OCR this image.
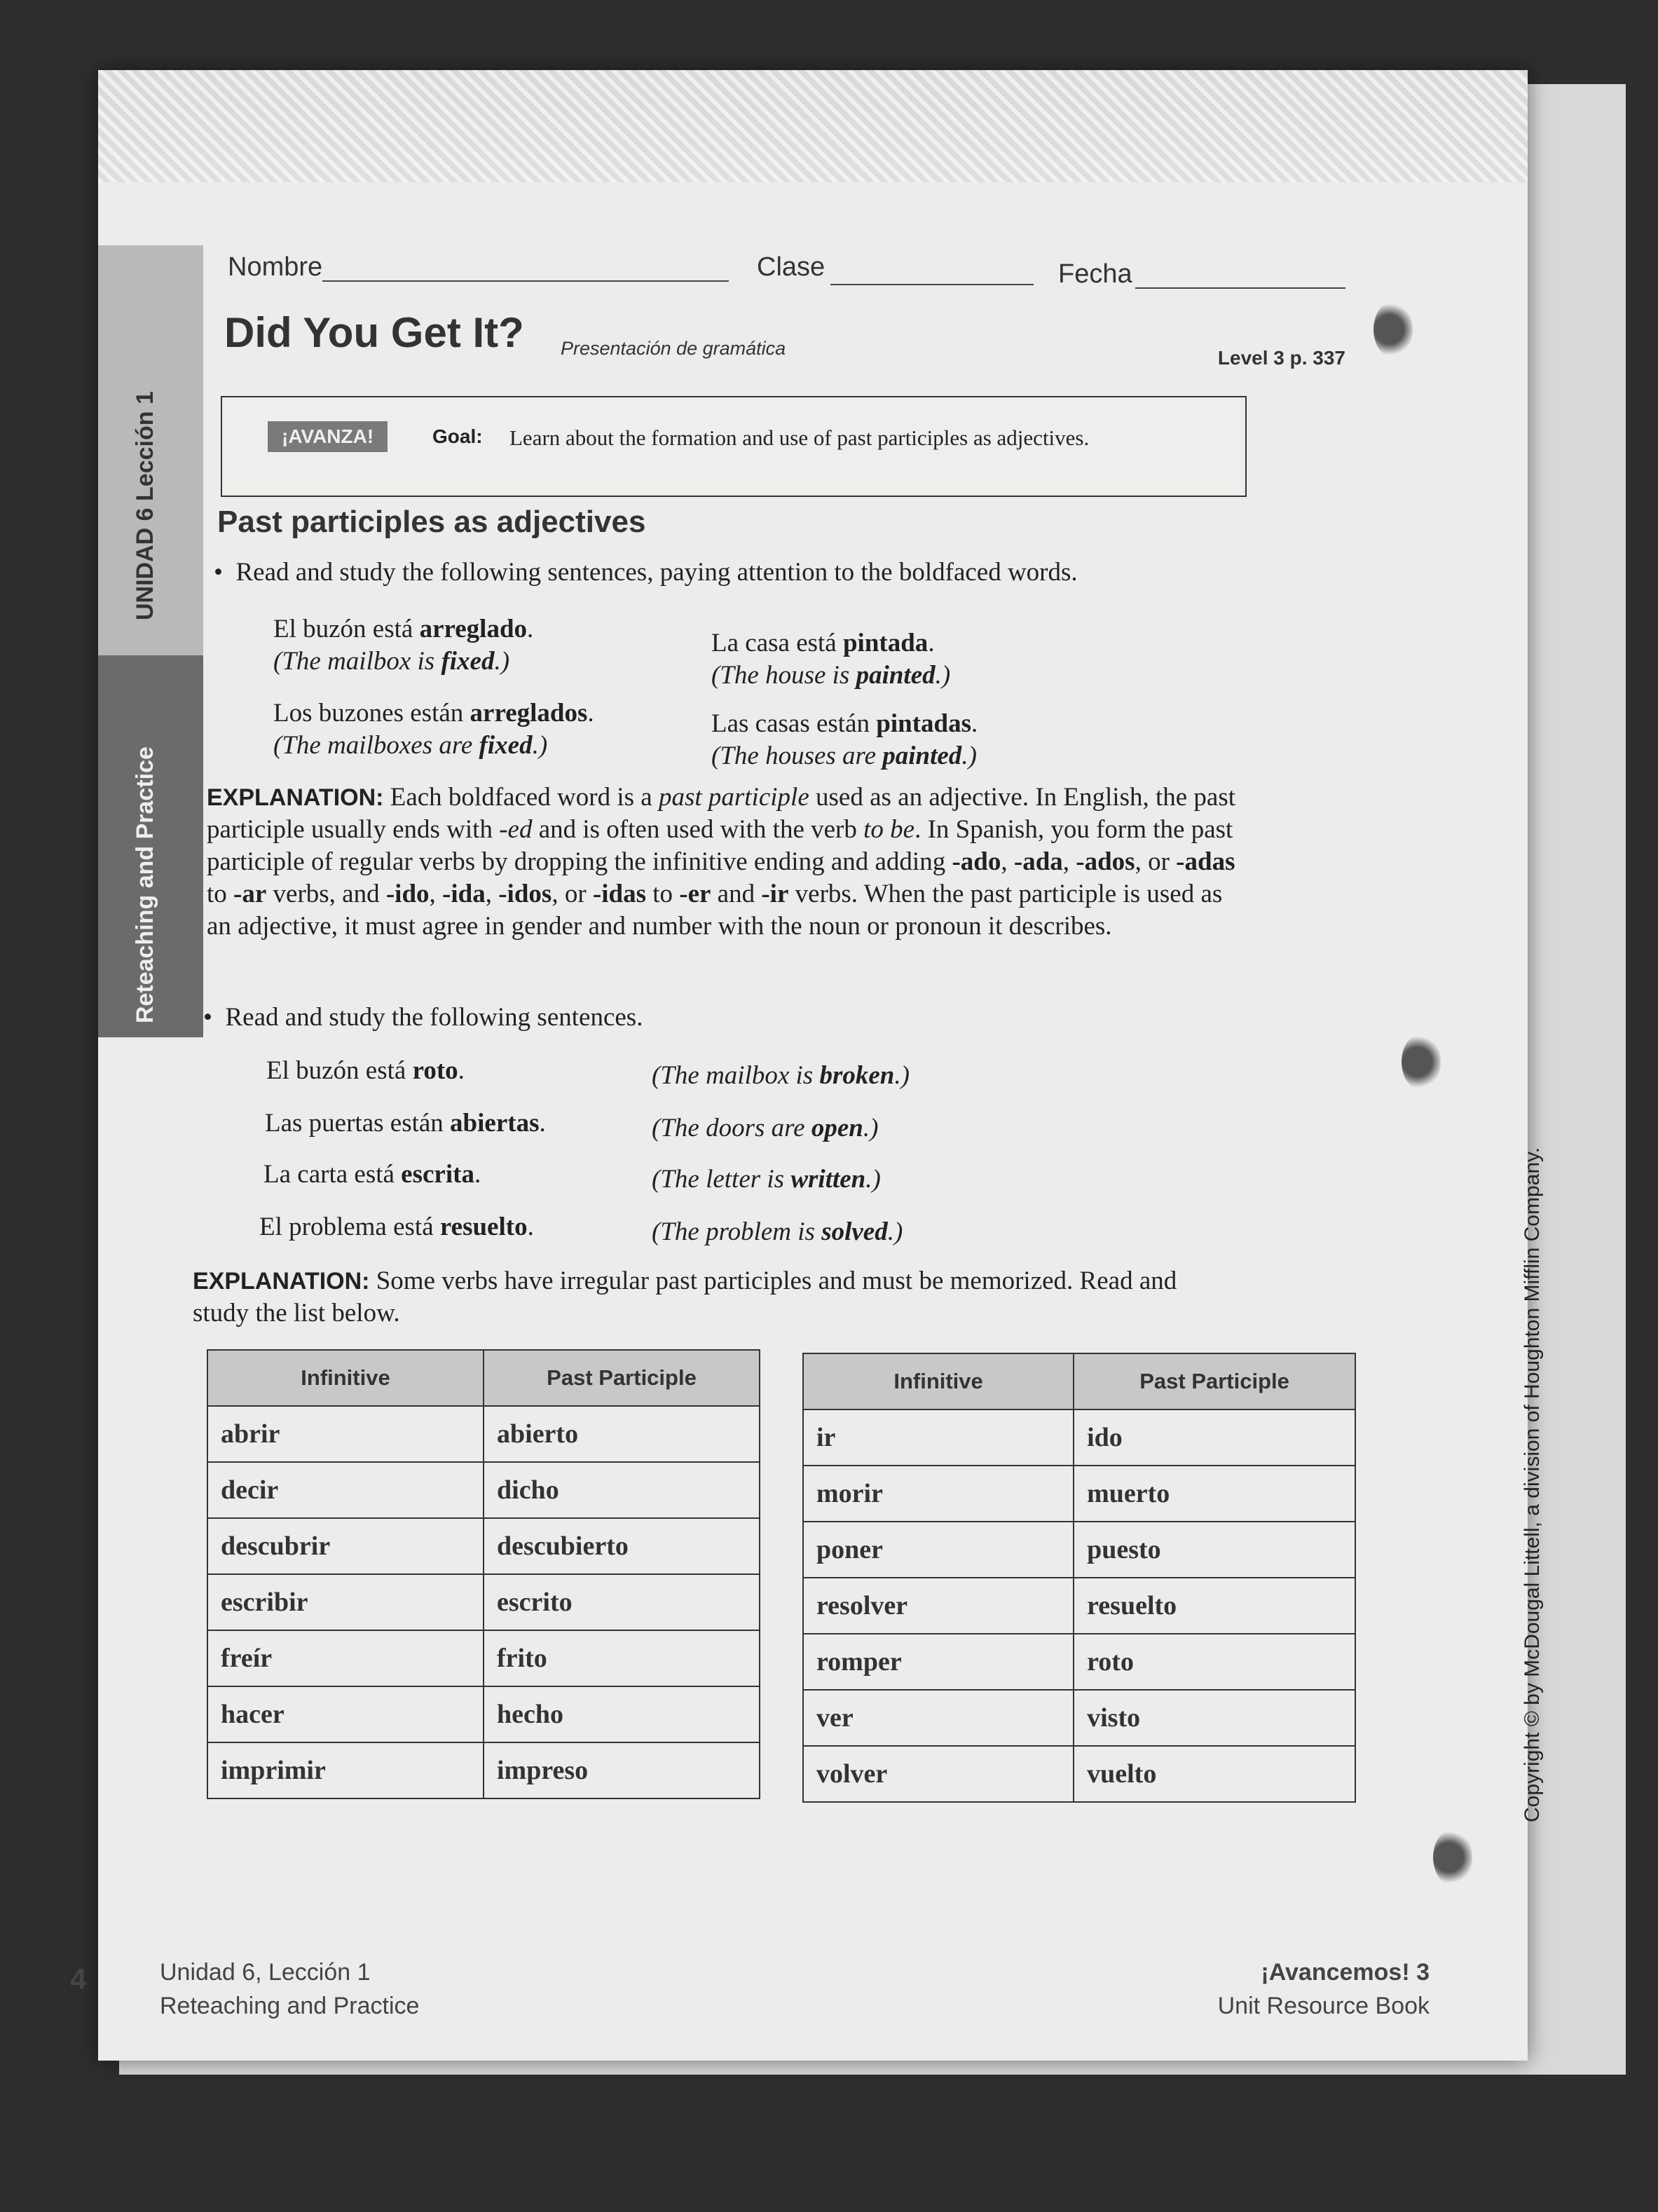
Nombre	Clase	Fecha
Did You Get It? Presentación de gramática	Level 3 p. 337
UNIDAD 6 Lección 1
Reteaching and Practice
¡AVANZA!	Goal: Learn about the formation and use of past participles as adjectives.
Past participles as adjectives
•  Read and study the following sentences, paying attention to the boldfaced words.
El buzón está arreglado.
(The mailbox is fixed.)
La casa está pintada.
(The house is painted.)
Los buzones están arreglados.
(The mailboxes are fixed.)
Las casas están pintadas.
(The houses are painted.)
EXPLANATION: Each boldfaced word is a past participle used as an adjective. In English, the past participle usually ends with -ed and is often used with the verb to be. In Spanish, you form the past participle of regular verbs by dropping the infinitive ending and adding -ado, -ada, -ados, or -adas to -ar verbs, and -ido, -ida, -idos, or -idas to -er and -ir verbs. When the past participle is used as an adjective, it must agree in gender and number with the noun or pronoun it describes.
•  Read and study the following sentences.
El buzón está roto.	(The mailbox is broken.)
Las puertas están abiertas.	(The doors are open.)
La carta está escrita.	(The letter is written.)
El problema está resuelto.	(The problem is solved.)
EXPLANATION: Some verbs have irregular past participles and must be memorized. Read and study the list below.
Infinitive	Past Participle
abrir	abierto
decir	dicho
descubrir	descubierto
escribir	escrito
freír	frito
hacer	hecho
imprimir	impreso
Infinitive	Past Participle
ir	ido
morir	muerto
poner	puesto
resolver	resuelto
romper	roto
ver	visto
volver	vuelto	Copyright © by McDougal Littell, a division of Houghton Mifflin Company.
4	Unidad 6, Lección 1
Reteaching and Practice
¡Avancemos! 3
Unit Resource Book
